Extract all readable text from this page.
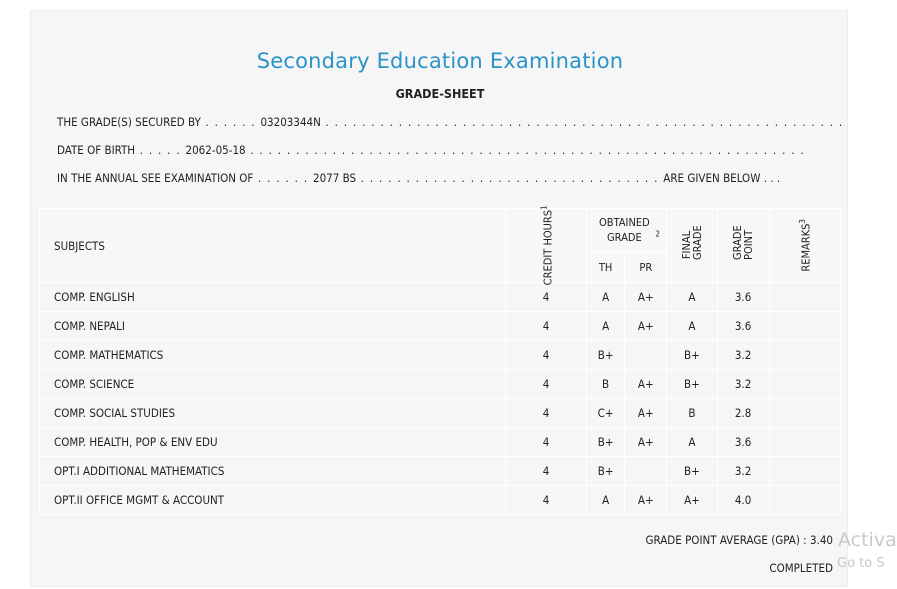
Secondary Education Examination
GRADE-SHEET
THE GRADE(S) SECURED BY . . . . . . 03203344N . . . . . . . . . . . . . . . . . . . . . . . . . . . . . . . . . . . . . . . . . . . . . . . . . . . . . . . . .
DATE OF BIRTH . . . . . 2062-05-18 . . . . . . . . . . . . . . . . . . . . . . . . . . . . . . . . . . . . . . . . . . . . . . . . . . . . . . . . . . . . .
IN THE ANNUAL SEE EXAMINATION OF . . . . . . 2077 BS . . . . . . . . . . . . . . . . . . . . . . . . . . . . . . . . . ARE GIVEN BELOW . . .
SUBJECTS	CREDIT HOURS$^1$	OBTAINED GRADE $^2$		FINAL GRADE	GRADE POINT	REMARKS$^3$
		TH	PR			
COMP. ENGLISH	4	A	A+	A	3.6	
COMP. NEPALI	4	A	A+	A	3.6	
COMP. MATHEMATICS	4	B+		B+	3.2	
COMP. SCIENCE	4	B	A+	B+	3.2	
COMP. SOCIAL STUDIES	4	C+	A+	B	2.8	
COMP. HEALTH, POP & ENV EDU	4	B+	A+	A	3.6	
OPT.I ADDITIONAL MATHEMATICS	4	B+		B+	3.2	
OPT.II OFFICE MGMT & ACCOUNT	4	A	A+	A+	4.0	
GRADE POINT AVERAGE (GPA) : 3.40
COMPLETED
Activa
Go to S
